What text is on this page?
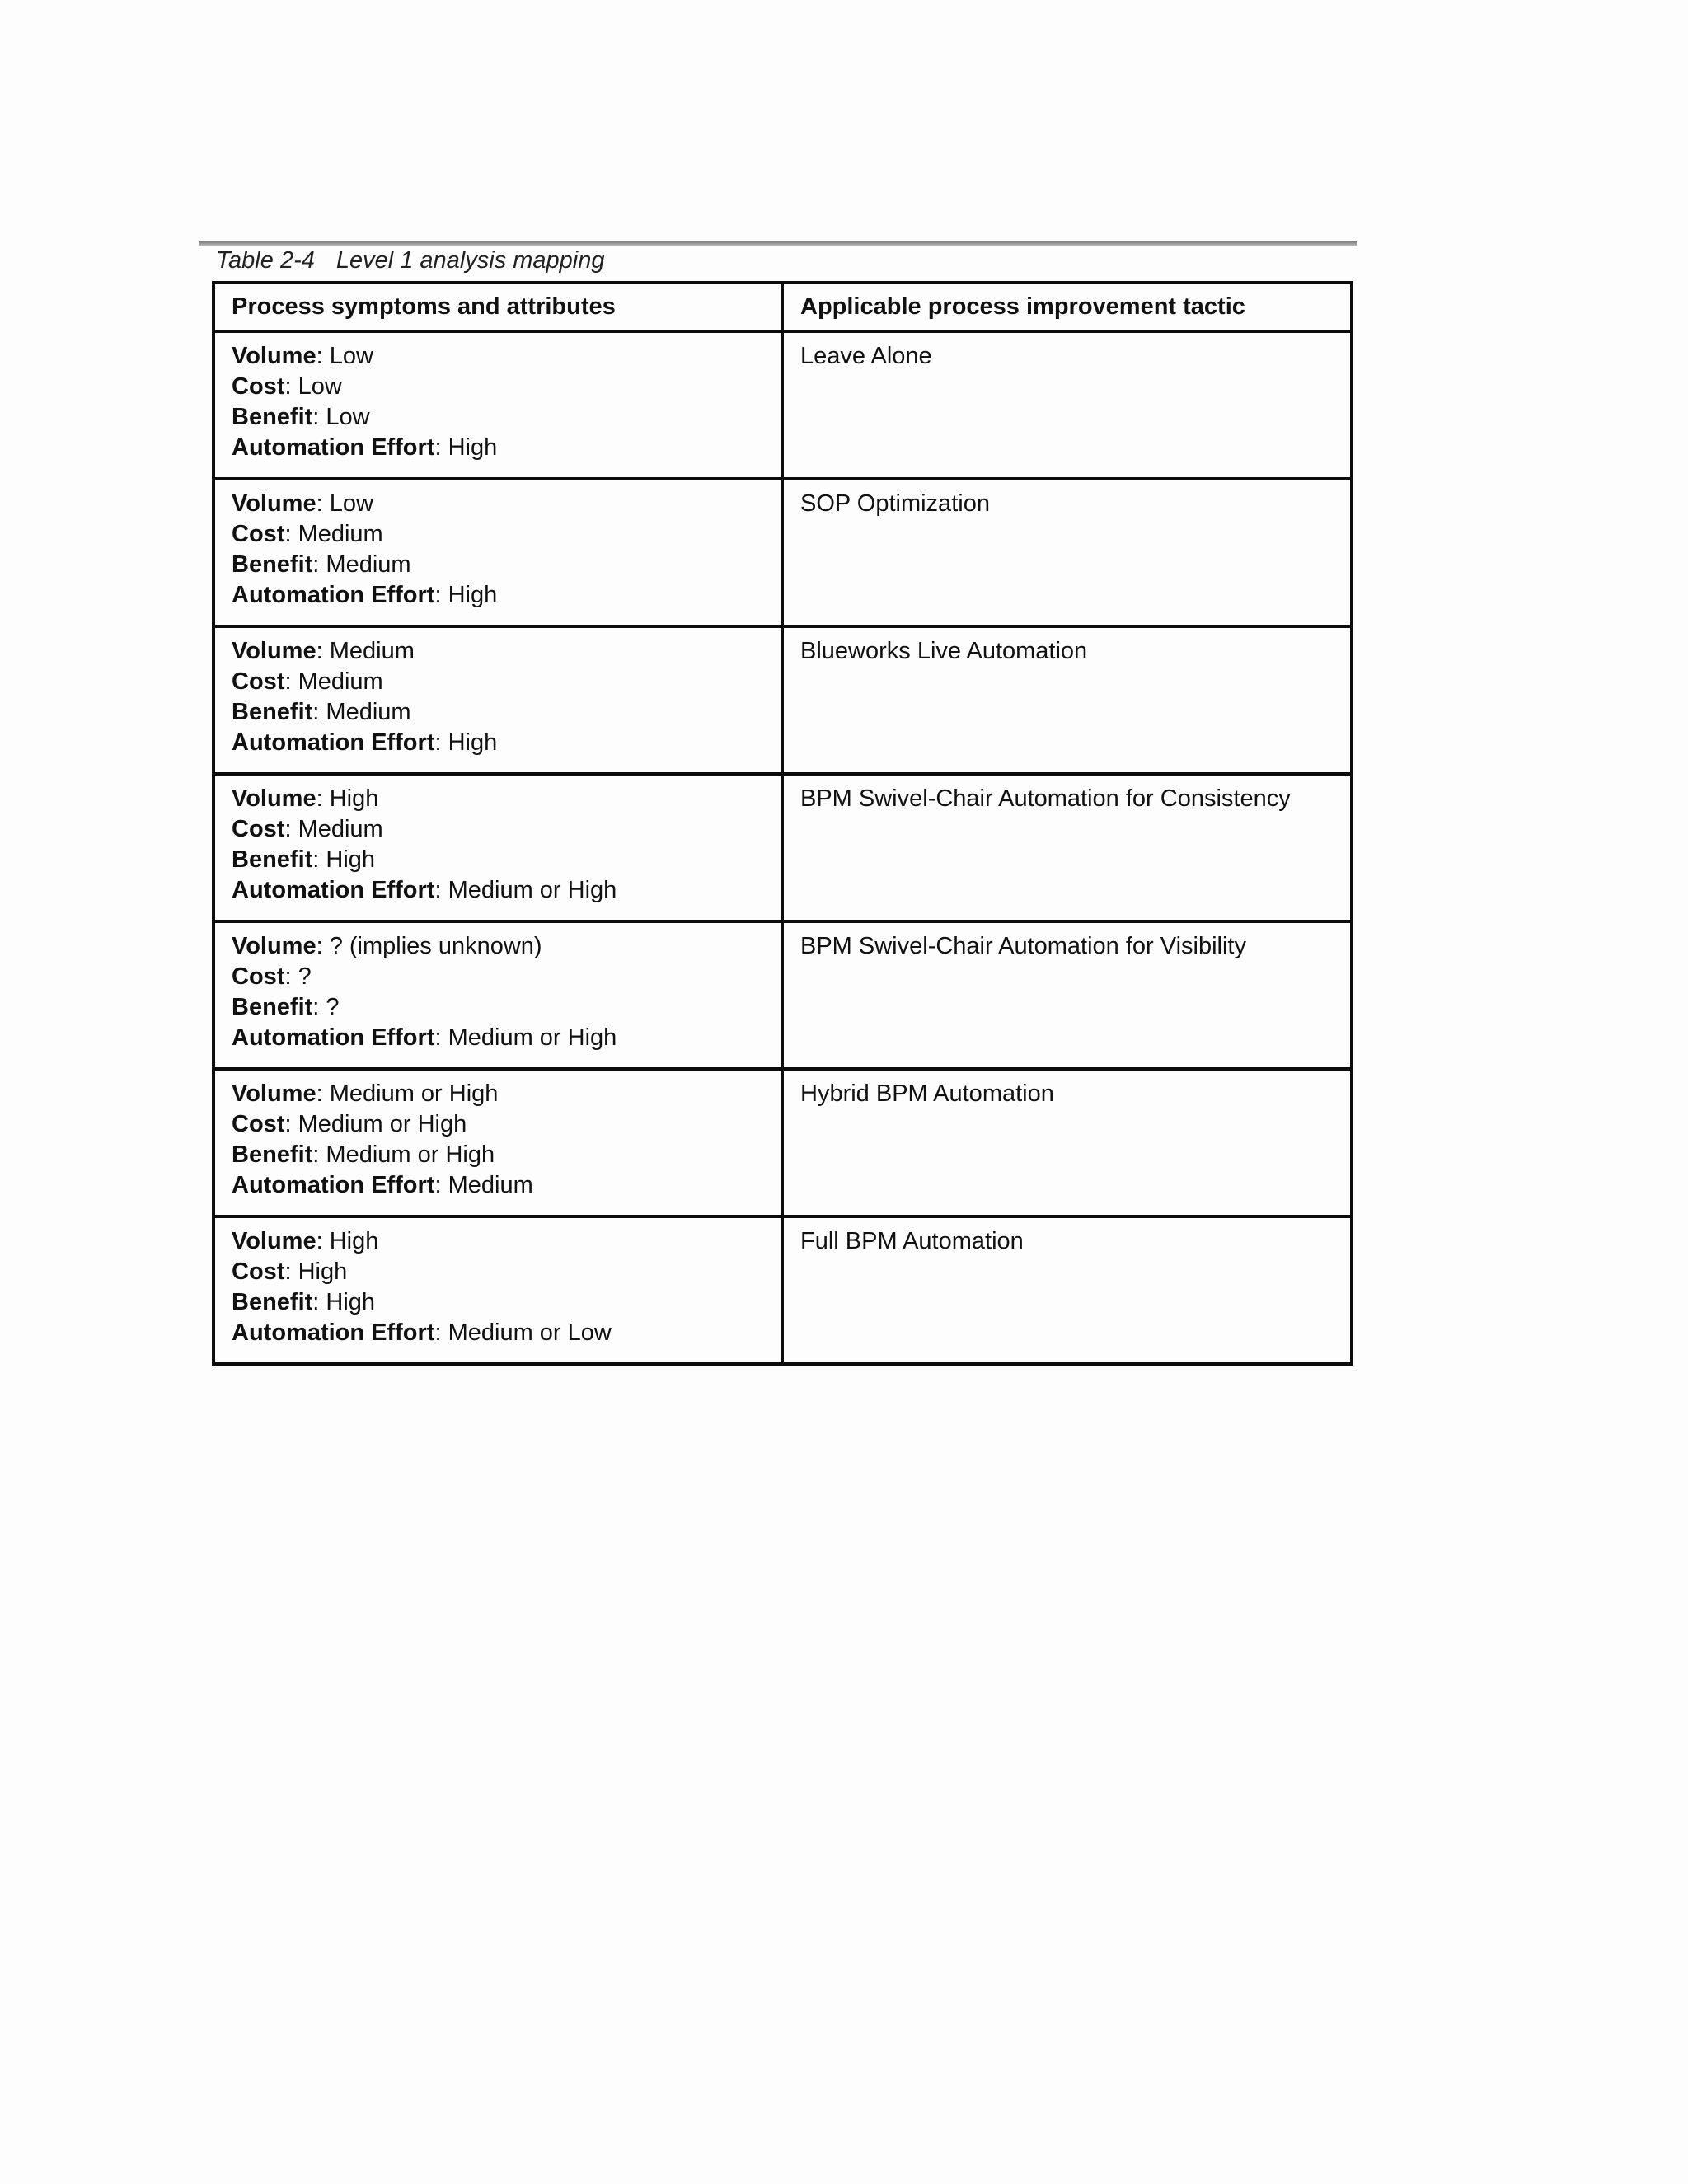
Table 2-4 Level 1 analysis mapping
Process symptoms and attributes	Applicable process improvement tactic

Volume: Low
Cost: Low
Benefit: Low
Automation Effort: High	Leave Alone

Volume: Low
Cost: Medium
Benefit: Medium
Automation Effort: High	SOP Optimization

Volume: Medium
Cost: Medium
Benefit: Medium
Automation Effort: High	Blueworks Live Automation

Volume: High
Cost: Medium
Benefit: High
Automation Effort: Medium or High	BPM Swivel-Chair Automation for Consistency

Volume: ? (implies unknown)
Cost: ?
Benefit: ?
Automation Effort: Medium or High	BPM Swivel-Chair Automation for Visibility

Volume: Medium or High
Cost: Medium or High
Benefit: Medium or High
Automation Effort: Medium	Hybrid BPM Automation

Volume: High
Cost: High
Benefit: High
Automation Effort: Medium or Low	Full BPM Automation
